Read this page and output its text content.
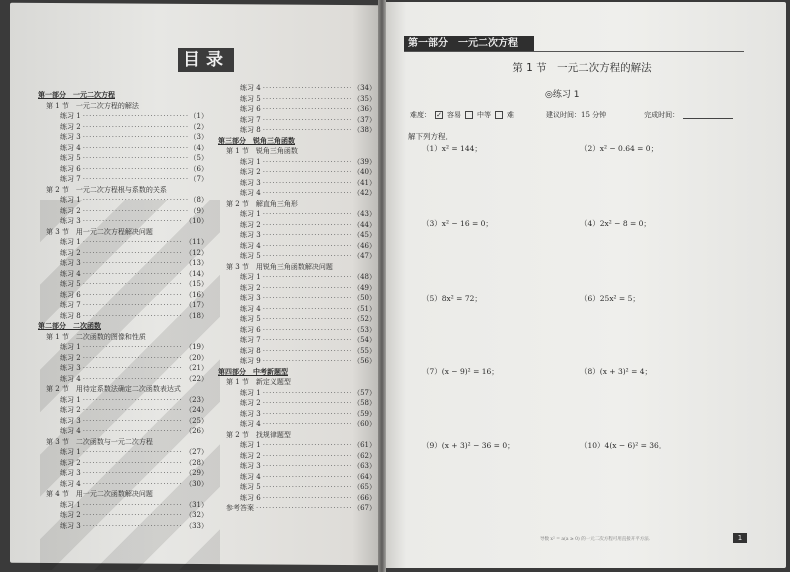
目录
第一部分　一元二次方程
第 1 节　一元二次方程的解法
练习 1 ·····	（1）
练习 2 ·····	（2）
练习 3 ·····	（3）
练习 4 ·····	（4）
练习 5 ·····	（5）
练习 6 ·····	（6）
练习 7 ·····	（7）
第 2 节　一元二次方程根与系数的关系
练习 1 ·····	（8）
练习 2 ·····	（9）
练习 3 ·····	（10）
第 3 节　用一元二次方程解决问题
练习 1 ·····	（11）
练习 2 ·····	（12）
练习 3 ·····	（13）
练习 4 ·····	（14）
练习 5 ·····	（15）
练习 6 ·····	（16）
练习 7 ·····	（17）
练习 8 ·····	（18）
第二部分　二次函数
第 1 节　二次函数的图像和性质
练习 1 ·····	（19）
练习 2 ·····	（20）
练习 3 ·····	（21）
练习 4 ·····	（22）
第 2 节　用待定系数法确定二次函数表达式
练习 1 ·····	（23）
练习 2 ·····	（24）
练习 3 ·····	（25）
练习 4 ·····	（26）
第 3 节　二次函数与一元二次方程
练习 1 ·····	（27）
练习 2 ·····	（28）
练习 3 ·····	（29）
练习 4 ·····	（30）
第 4 节　用一元二次函数解决问题
练习 1 ·····	（31）
练习 2 ·····	（32）
练习 3 ·····	（33）
练习 4 ·····	（34）
练习 5 ·····	（35）
练习 6 ·····	（36）
练习 7 ·····	（37）
练习 8 ·····	（38）
第三部分　锐角三角函数
第 1 节　锐角三角函数
练习 1 ·····	（39）
练习 2 ·····	（40）
练习 3 ·····	（41）
练习 4 ·····	（42）
第 2 节　解直角三角形
练习 1 ·····	（43）
练习 2 ·····	（44）
练习 3 ·····	（45）
练习 4 ·····	（46）
练习 5 ·····	（47）
第 3 节　用锐角三角函数解决问题
练习 1 ·····	（48）
练习 2 ·····	（49）
练习 3 ·····	（50）
练习 4 ·····	（51）
练习 5 ·····	（52）
练习 6 ·····	（53）
练习 7 ·····	（54）
练习 8 ·····	（55）
练习 9 ·····	（56）
第四部分　中考新题型
第 1 节　新定义题型
练习 1 ·····	（57）
练习 2 ·····	（58）
练习 3 ·····	（59）
练习 4 ·····	（60）
第 2 节　找规律题型
练习 1 ·····	（61）
练习 2 ·····	（62）
练习 3 ·····	（63）
练习 4 ·····	（64）
练习 5 ·····	（65）
练习 6 ·····	（66）
参考答案 ·····	（67）
第一部分　一元二次方程
第 1 节　一元二次方程的解法
◎练习 1
难度： ✓ 容易 中等 难	建议时间：15 分钟	完成时间：
解下列方程．
（1）x² = 144；	（2）x² − 0.64 = 0；
（3）x² − 16 = 0；	（4）2x² − 8 = 0；
（5）8x² = 72；	（6）25x² = 5；
（7）(x − 9)² = 16；	（8）(x + 3)² = 4；
（9）(x + 3)² − 36 = 0；	（10）4(x − 6)² = 36．
导数 x² = a(a ≥ 0) 的一元二次方程可用直接开平方法．	1
